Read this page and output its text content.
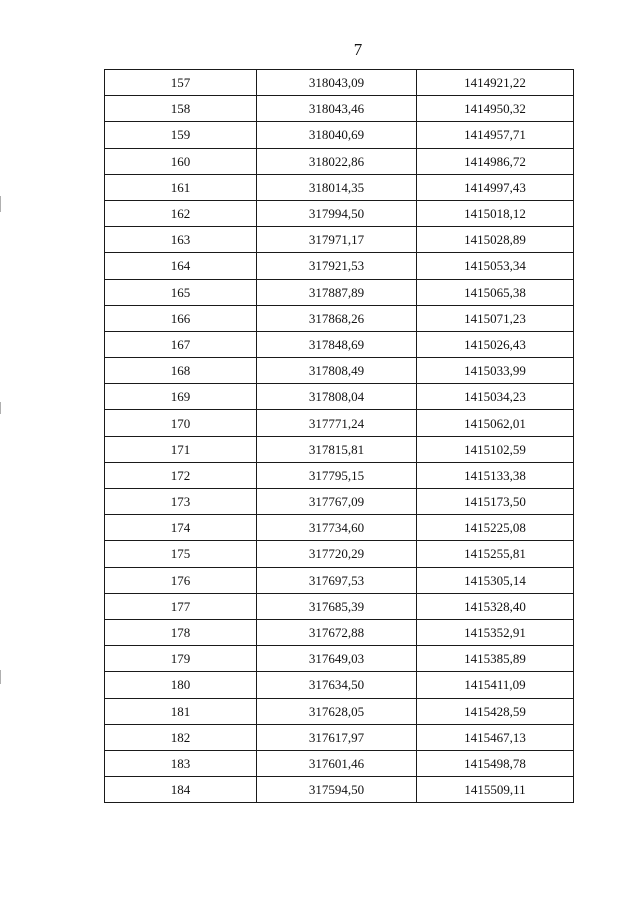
7
157	318043,09	1414921,22
158	318043,46	1414950,32
159	318040,69	1414957,71
160	318022,86	1414986,72
161	318014,35	1414997,43
162	317994,50	1415018,12
163	317971,17	1415028,89
164	317921,53	1415053,34
165	317887,89	1415065,38
166	317868,26	1415071,23
167	317848,69	1415026,43
168	317808,49	1415033,99
169	317808,04	1415034,23
170	317771,24	1415062,01
171	317815,81	1415102,59
172	317795,15	1415133,38
173	317767,09	1415173,50
174	317734,60	1415225,08
175	317720,29	1415255,81
176	317697,53	1415305,14
177	317685,39	1415328,40
178	317672,88	1415352,91
179	317649,03	1415385,89
180	317634,50	1415411,09
181	317628,05	1415428,59
182	317617,97	1415467,13
183	317601,46	1415498,78
184	317594,50	1415509,11
